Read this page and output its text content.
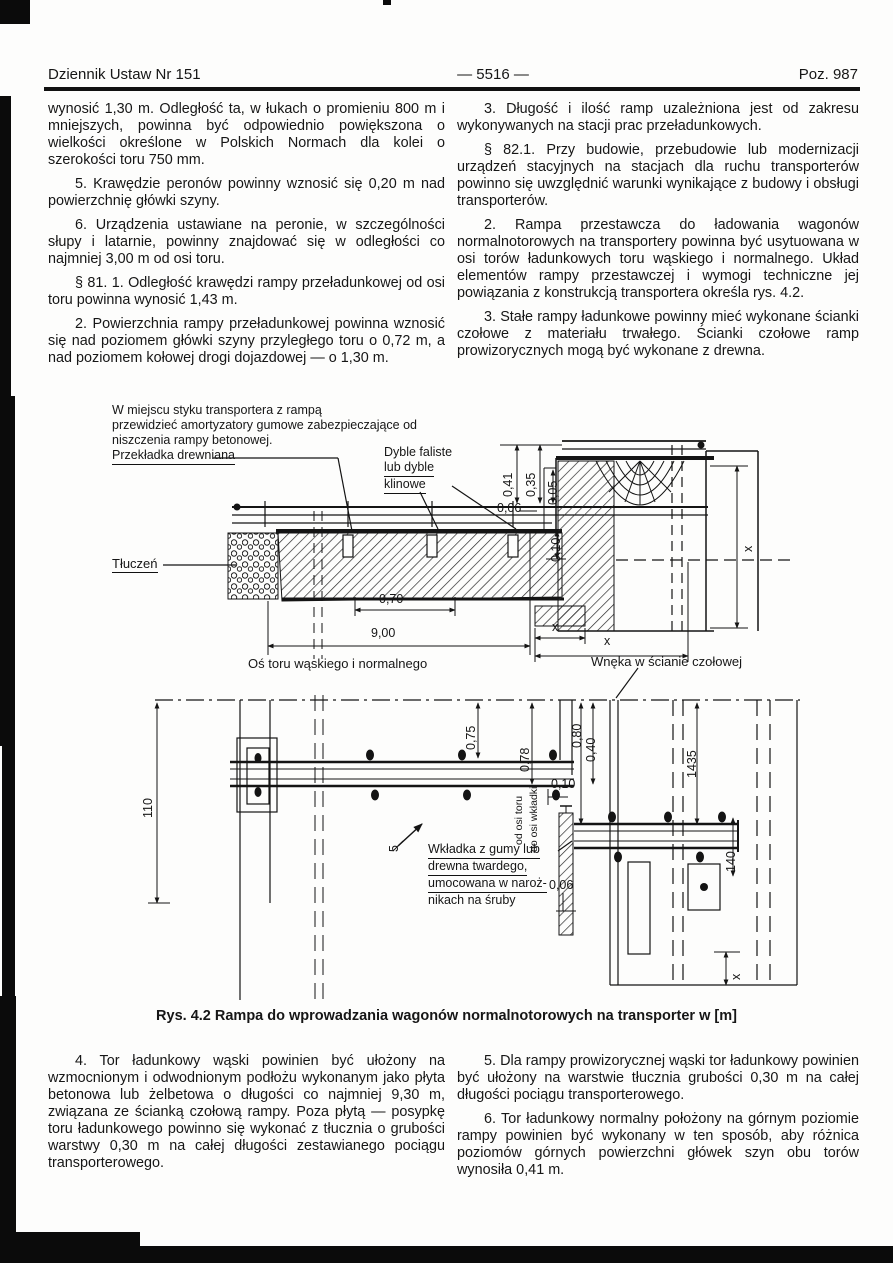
Dziennik Ustaw Nr 151	— 5516 —	Poz. 987

wynosić 1,30 m. Odległość ta, w łukach o promieniu 800 m i mniejszych, powinna być odpowiednio powiększona o wielkości określone w Polskich Normach dla kolei o szerokości toru 750 mm.

5. Krawędzie peronów powinny wznosić się 0,20 m nad powierzchnię główki szyny.

6. Urządzenia ustawiane na peronie, w szczególności słupy i latarnie, powinny znajdować się w odległości co najmniej 3,00 m od osi toru.

§ 81. 1. Odległość krawędzi rampy przeładunkowej od osi toru powinna wynosić 1,43 m.

2. Powierzchnia rampy przeładunkowej powinna wznosić się nad poziomem główki szyny przyległego toru o 0,72 m, a nad poziomem kołowej drogi dojazdowej — o 1,30 m.

3. Długość i ilość ramp uzależniona jest od zakresu wykonywanych na stacji prac przeładunkowych.

§ 82.1. Przy budowie, przebudowie lub modernizacji urządzeń stacyjnych na stacjach dla ruchu transporterów powinno się uwzględnić warunki wynikające z budowy i obsługi transporterów.

2. Rampa przestawcza do ładowania wagonów normalnotorowych na transportery powinna być usytuowana w osi torów ładunkowych toru wąskiego i normalnego. Układ elementów rampy przestawczej i wymogi techniczne jej powiązania z konstrukcją transportera określa rys. 4.2.

3. Stałe rampy ładunkowe powinny mieć wykonane ścianki czołowe z materiału trwałego. Ścianki czołowe ramp prowizorycznych mogą być wykonane z drewna.

W miejscu styku transportera z rampą
przewidzieć amortyzatory gumowe zabezpieczające od
niszczenia rampy betonowej.
Przekładka drewniana	Dyble faliste
lub dyble
klinowe
Tłuczeń
Oś toru wąskiego i normalnego	Wnęka w ścianie czołowej
Wkładka z gumy lub
drewna twardego,
umocowana w naroż-
nikach na śruby
0,41 0,35 0,05
0,06
0,10
0,70
9,00	x
x
x
110
0,75
0,78
0,80
0,40
0,10
0,06
od osi toru do osi wkładki
5
1435
140
x
Rys. 4.2 Rampa do wprowadzania wagonów normalnotorowych na transporter w [m]

4. Tor ładunkowy wąski powinien być ułożony na wzmocnionym i odwodnionym podłożu wykonanym jako płyta betonowa lub żelbetowa o długości co najmniej 9,30 m, związana ze ścianką czołową rampy. Poza płytą — posypkę toru ładunkowego powinno się wykonać z tłucznia o grubości warstwy 0,30 m na całej długości zestawianego pociągu transporterowego.

5. Dla rampy prowizorycznej wąski tor ładunkowy powinien być ułożony na warstwie tłucznia grubości 0,30 m na całej długości pociągu transporterowego.

6. Tor ładunkowy normalny położony na górnym poziomie rampy powinien być wykonany w ten sposób, aby różnica poziomów górnych powierzchni główek szyn obu torów wynosiła 0,41 m.
